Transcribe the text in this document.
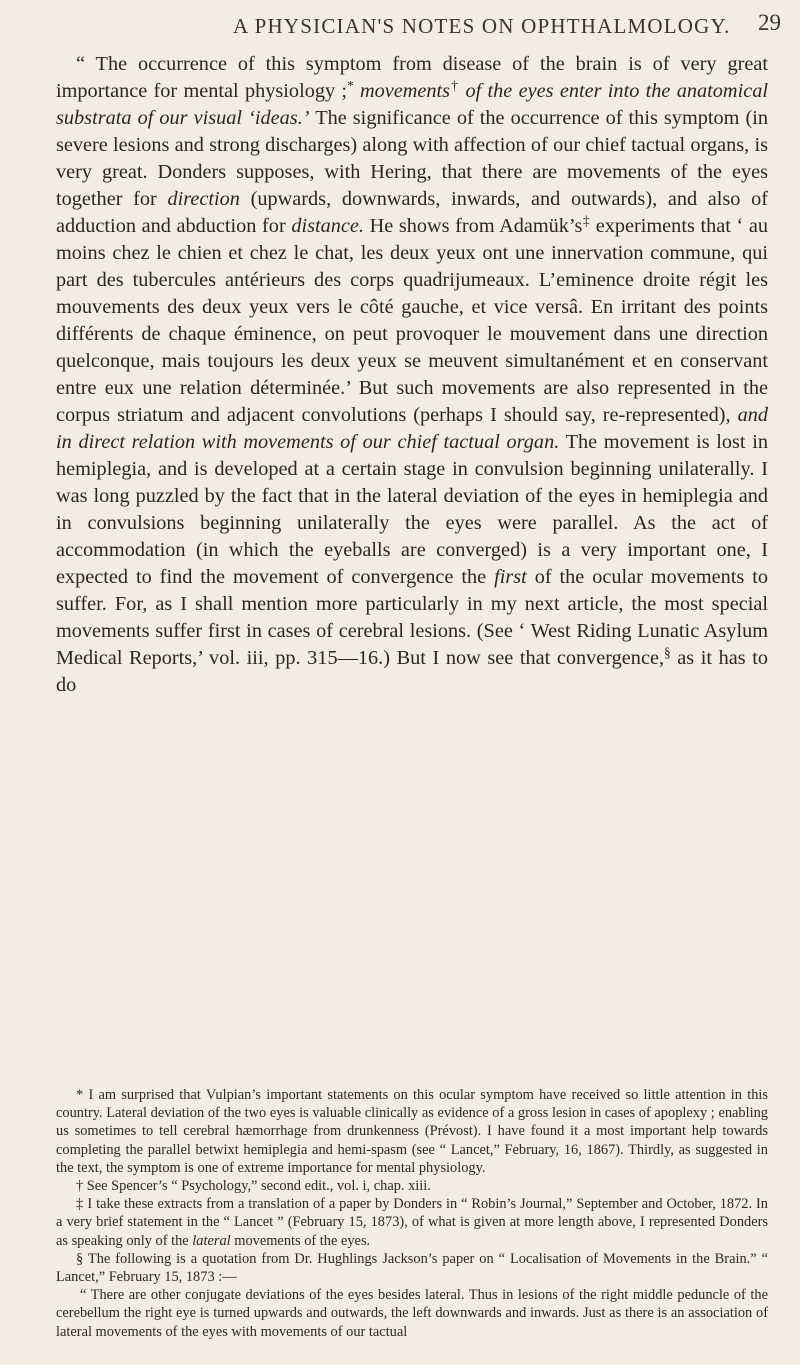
A PHYSICIAN'S NOTES ON OPHTHALMOLOGY. 29

“ The occurrence of this symptom from disease of the brain is of very great importance for mental physiology ;* movements† of the eyes enter into the anatomical substrata of our visual ‘ideas.’ The significance of the occurrence of this symptom (in severe lesions and strong discharges) along with affection of our chief tactual organs, is very great. Donders supposes, with Hering, that there are movements of the eyes together for direction (upwards, downwards, inwards, and outwards), and also of adduction and abduction for distance. He shows from Adamük’s‡ experiments that ‘ au moins chez le chien et chez le chat, les deux yeux ont une innervation commune, qui part des tubercules antérieurs des corps quadrijumeaux. L’eminence droite régit les mouvements des deux yeux vers le côté gauche, et vice versâ. En irritant des points différents de chaque éminence, on peut provoquer le mouvement dans une direction quelconque, mais toujours les deux yeux se meuvent simultanément et en conservant entre eux une relation déterminée.’ But such movements are also represented in the corpus striatum and adjacent convolutions (perhaps I should say, re-represented), and in direct relation with movements of our chief tactual organ. The movement is lost in hemiplegia, and is developed at a certain stage in convulsion beginning unilaterally. I was long puzzled by the fact that in the lateral deviation of the eyes in hemiplegia and in convulsions beginning unilaterally the eyes were parallel. As the act of accommodation (in which the eyeballs are converged) is a very important one, I expected to find the movement of convergence the first of the ocular movements to suffer. For, as I shall mention more particularly in my next article, the most special movements suffer first in cases of cerebral lesions. (See ‘ West Riding Lunatic Asylum Medical Reports,’ vol. iii, pp. 315—16.) But I now see that convergence,§ as it has to do

* I am surprised that Vulpian’s important statements on this ocular symptom have received so little attention in this country. Lateral deviation of the two eyes is valuable clinically as evidence of a gross lesion in cases of apoplexy ; enabling us sometimes to tell cerebral hæmorrhage from drunkenness (Prévost). I have found it a most important help towards completing the parallel betwixt hemiplegia and hemi-spasm (see “ Lancet,” February, 16, 1867). Thirdly, as suggested in the text, the symptom is one of extreme importance for mental physiology.

† See Spencer’s “ Psychology,” second edit., vol. i, chap. xiii.

‡ I take these extracts from a translation of a paper by Donders in “ Robin’s Journal,” September and October, 1872. In a very brief statement in the “ Lancet ” (February 15, 1873), of what is given at more length above, I represented Donders as speaking only of the lateral movements of the eyes.

§ The following is a quotation from Dr. Hughlings Jackson’s paper on “ Localisation of Movements in the Brain.” “ Lancet,” February 15, 1873 :—

“ There are other conjugate deviations of the eyes besides lateral. Thus in lesions of the right middle peduncle of the cerebellum the right eye is turned upwards and outwards, the left downwards and inwards. Just as there is an association of lateral movements of the eyes with movements of our tactual
